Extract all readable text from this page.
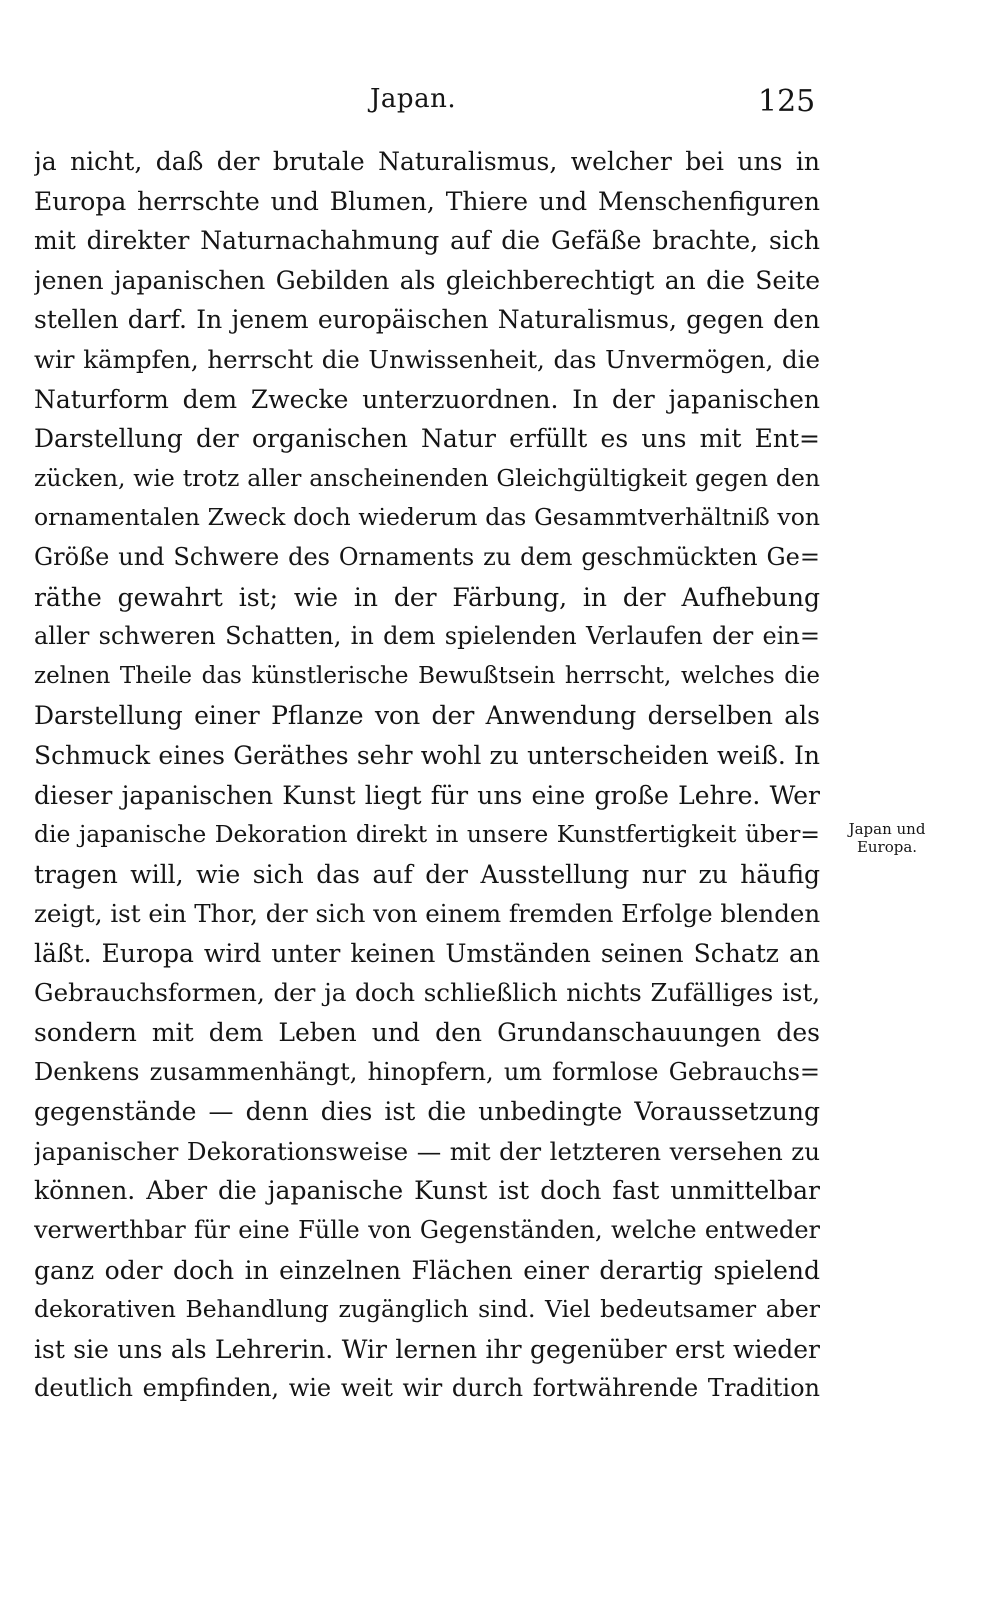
Japan.	125
ja nicht, daß der brutale Naturalismus, welcher bei uns in
Europa herrschte und Blumen, Thiere und Menschenfiguren
mit direkter Naturnachahmung auf die Gefäße brachte, sich
jenen japanischen Gebilden als gleichberechtigt an die Seite
stellen darf. In jenem europäischen Naturalismus, gegen den
wir kämpfen, herrscht die Unwissenheit, das Unvermögen, die
Naturform dem Zwecke unterzuordnen. In der japanischen
Darstellung der organischen Natur erfüllt es uns mit Ent=
zücken, wie trotz aller anscheinenden Gleichgültigkeit gegen den
ornamentalen Zweck doch wiederum das Gesammtverhältniß von
Größe und Schwere des Ornaments zu dem geschmückten Ge=
räthe gewahrt ist; wie in der Färbung, in der Aufhebung
aller schweren Schatten, in dem spielenden Verlaufen der ein=
zelnen Theile das künstlerische Bewußtsein herrscht, welches die
Darstellung einer Pflanze von der Anwendung derselben als
Schmuck eines Geräthes sehr wohl zu unterscheiden weiß. In
dieser japanischen Kunst liegt für uns eine große Lehre. Wer
die japanische Dekoration direkt in unsere Kunstfertigkeit über=
tragen will, wie sich das auf der Ausstellung nur zu häufig
zeigt, ist ein Thor, der sich von einem fremden Erfolge blenden
läßt. Europa wird unter keinen Umständen seinen Schatz an
Gebrauchsformen, der ja doch schließlich nichts Zufälliges ist,
sondern mit dem Leben und den Grundanschauungen des
Denkens zusammenhängt, hinopfern, um formlose Gebrauchs=
gegenstände — denn dies ist die unbedingte Voraussetzung
japanischer Dekorationsweise — mit der letzteren versehen zu
können. Aber die japanische Kunst ist doch fast unmittelbar
verwerthbar für eine Fülle von Gegenständen, welche entweder
ganz oder doch in einzelnen Flächen einer derartig spielend
dekorativen Behandlung zugänglich sind. Viel bedeutsamer aber
ist sie uns als Lehrerin. Wir lernen ihr gegenüber erst wieder
deutlich empfinden, wie weit wir durch fortwährende Tradition
Japan und
Europa.
